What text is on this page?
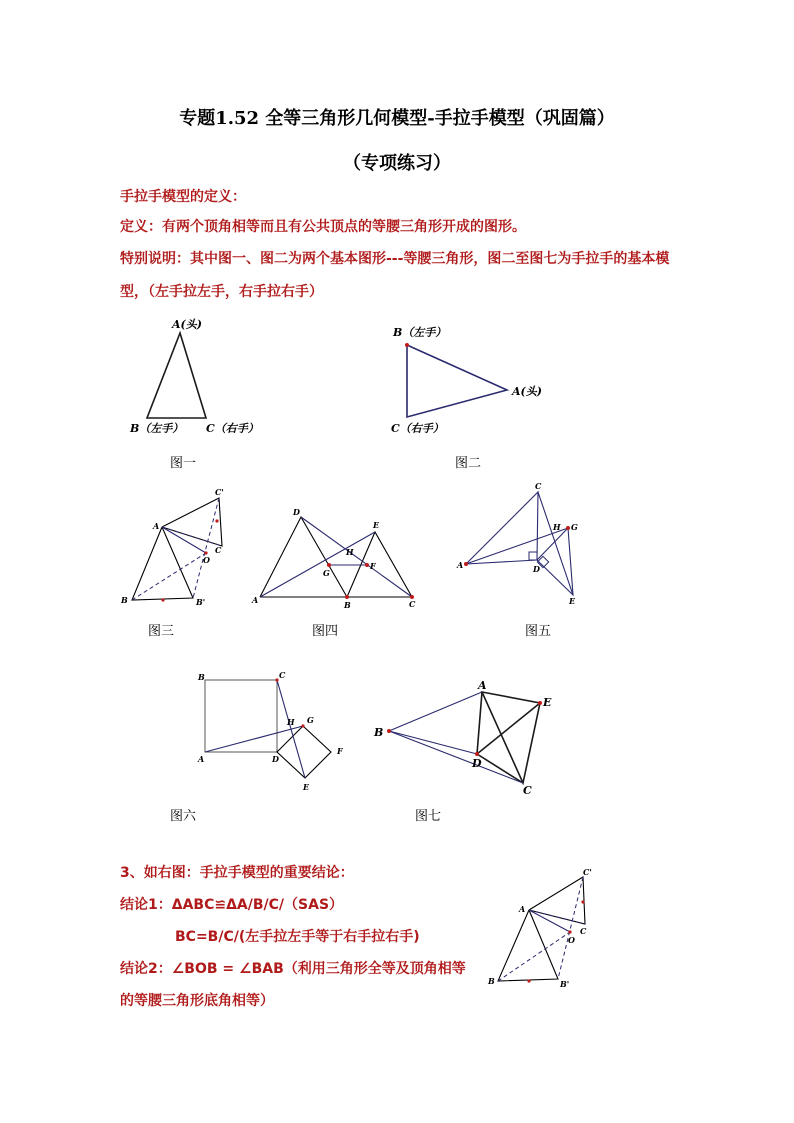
专题1.52 全等三角形几何模型-手拉手模型（巩固篇）
（专项练习）
手拉手模型的定义：
定义：有两个顶角相等而且有公共顶点的等腰三角形开成的图形。
特别说明：其中图一、图二为两个基本图形---等腰三角形，图二至图七为手拉手的基本模
型，（左手拉左手，右手拉右手）
A(头)
B（左手） C（右手）
图一
B（左手）
A(头)
C（右手）
图二
C'
A
C
O
B	B'
图三
D
E
H
G
F
A	B	C
图四
C
H G
A	D
E
图五
B	C
H G
A	D
F
E
图六
A
E
B
D
C
图七
3、如右图：手拉手模型的重要结论：
结论1：ΔABC≌ΔA/B/C/（SAS）
BC=B/C/(左手拉左手等于右手拉右手)
结论2：∠BOB = ∠BAB（利用三角形全等及顶角相等
的等腰三角形底角相等）
C'
A
C
O
B	B'
